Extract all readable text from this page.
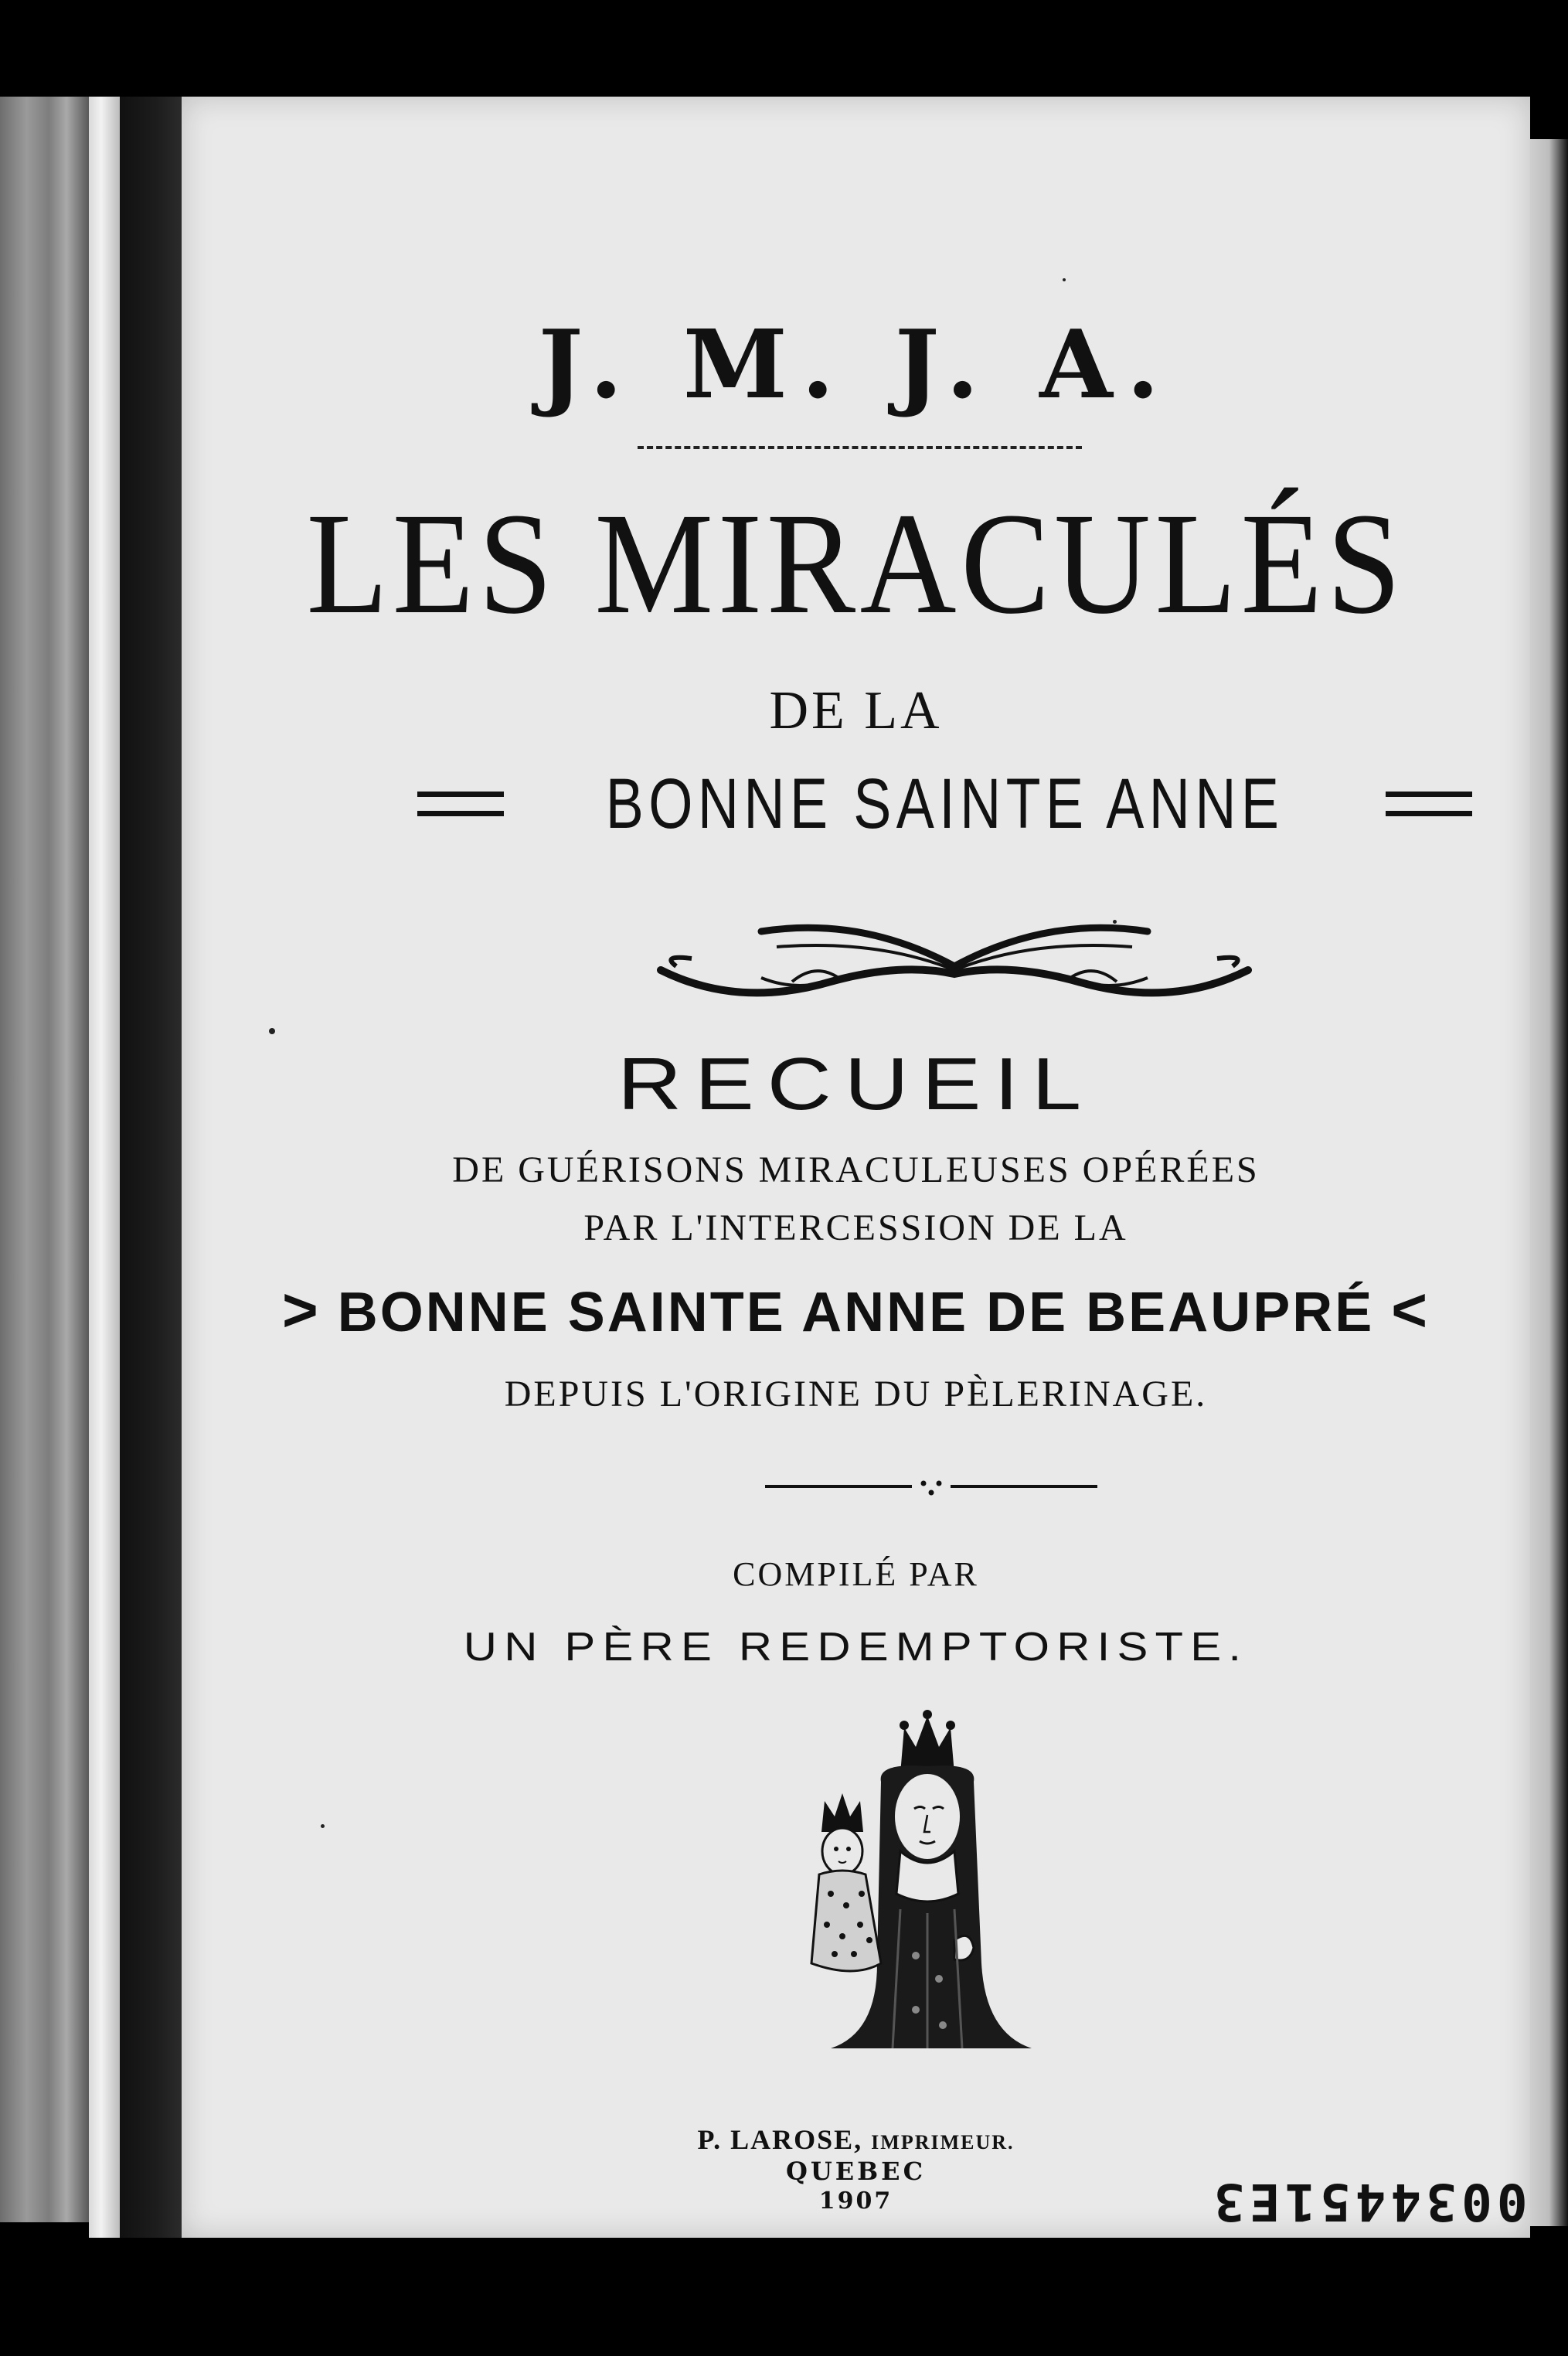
J. M. J. A.
LES MIRACULÉS
DE LA
BONNE SAINTE ANNE
RECUEIL
DE GUÉRISONS MIRACULEUSES OPÉRÉES
PAR L'INTERCESSION DE LA
> BONNE SAINTE ANNE DE BEAUPRÉ <
DEPUIS L'ORIGINE DU PÈLERINAGE.
COMPILÉ PAR
UN PÈRE REDEMPTORISTE.
P. LAROSE, IMPRIMEUR.
QUEBEC
1907	0034451E3
